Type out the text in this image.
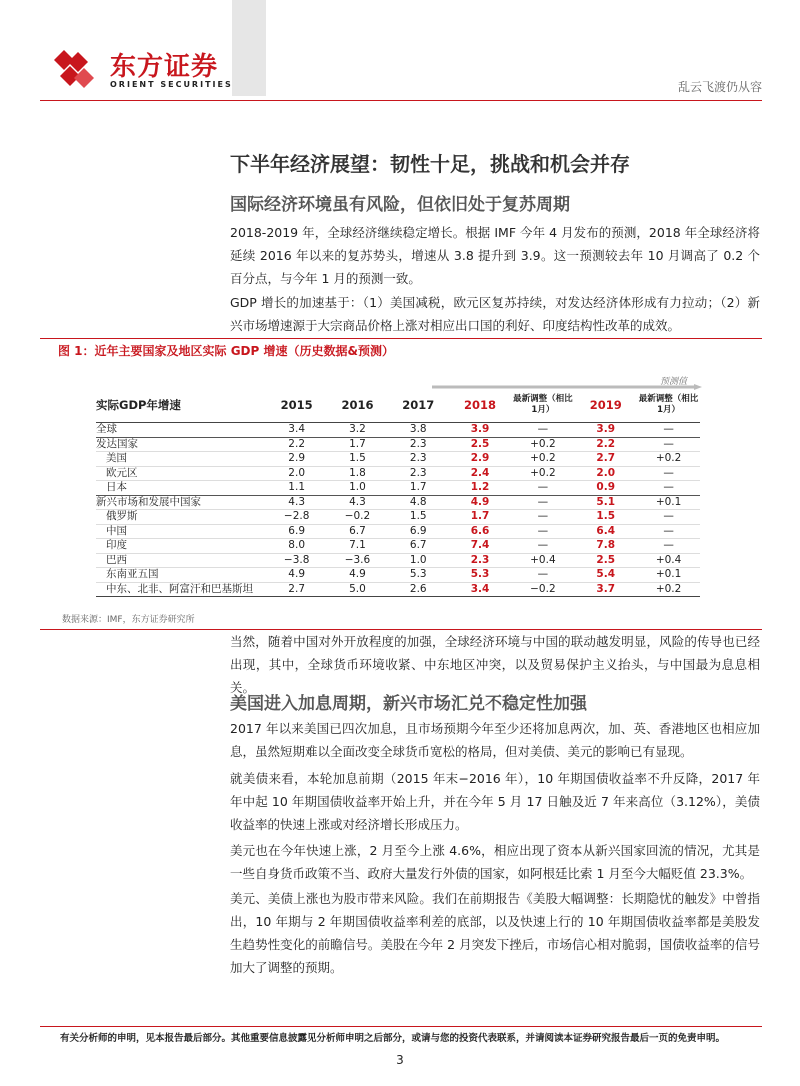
东方证券
ORIENT SECURITIES	乱云飞渡仍从容
下半年经济展望：韧性十足，挑战和机会并存
国际经济环境虽有风险，但依旧处于复苏周期

2018-2019 年，全球经济继续稳定增长。根据 IMF 今年 4 月发布的预测，2018 年全球经济将延续 2016 年以来的复苏势头，增速从 3.8 提升到 3.9。这一预测较去年 10 月调高了 0.2 个百分点，与今年 1 月的预测一致。

GDP 增长的加速基于：（1）美国减税，欧元区复苏持续，对发达经济体形成有力拉动；（2）新兴市场增速源于大宗商品价格上涨对相应出口国的利好、印度结构性改革的成效。

图 1：近年主要国家及地区实际 GDP 增速（历史数据&预测）
预测值
实际GDP年增速	2015	2016	2017	2018	最新调整（相比1月）	2019	最新调整（相比1月）
全球	3.4	3.2	3.8	3.9	—	3.9	—
发达国家	2.2	1.7	2.3	2.5	+0.2	2.2	—
美国	2.9	1.5	2.3	2.9	+0.2	2.7	+0.2
欧元区	2.0	1.8	2.3	2.4	+0.2	2.0	—
日本	1.1	1.0	1.7	1.2	—	0.9	—
新兴市场和发展中国家	4.3	4.3	4.8	4.9	—	5.1	+0.1
俄罗斯	−2.8	−0.2	1.5	1.7	—	1.5	—
中国	6.9	6.7	6.9	6.6	—	6.4	—
印度	8.0	7.1	6.7	7.4	—	7.8	—
巴西	−3.8	−3.6	1.0	2.3	+0.4	2.5	+0.4
东南亚五国	4.9	4.9	5.3	5.3	—	5.4	+0.1
中东、北非、阿富汗和巴基斯坦	2.7	5.0	2.6	3.4	−0.2	3.7	+0.2
数据来源：IMF，东方证券研究所

当然，随着中国对外开放程度的加强，全球经济环境与中国的联动越发明显，风险的传导也已经出现，其中，全球货币环境收紧、中东地区冲突，以及贸易保护主义抬头，与中国最为息息相关。

美国进入加息周期，新兴市场汇兑不稳定性加强

2017 年以来美国已四次加息，且市场预期今年至少还将加息两次，加、英、香港地区也相应加息，虽然短期难以全面改变全球货币宽松的格局，但对美债、美元的影响已有显现。

就美债来看，本轮加息前期（2015 年末−2016 年），10 年期国债收益率不升反降，2017 年年中起 10 年期国债收益率开始上升，并在今年 5 月 17 日触及近 7 年来高位（3.12%），美债收益率的快速上涨或对经济增长形成压力。

美元也在今年快速上涨，2 月至今上涨 4.6%，相应出现了资本从新兴国家回流的情况，尤其是一些自身货币政策不当、政府大量发行外债的国家，如阿根廷比索 1 月至今大幅贬值 23.3%。

美元、美债上涨也为股市带来风险。我们在前期报告《美股大幅调整：长期隐忧的触发》中曾指出，10 年期与 2 年期国债收益率利差的底部，以及快速上行的 10 年期国债收益率都是美股发生趋势性变化的前瞻信号。美股在今年 2 月突发下挫后，市场信心相对脆弱，国债收益率的信号加大了调整的预期。

有关分析师的申明，见本报告最后部分。其他重要信息披露见分析师申明之后部分，或请与您的投资代表联系，并请阅读本证券研究报告最后一页的免责申明。
3
